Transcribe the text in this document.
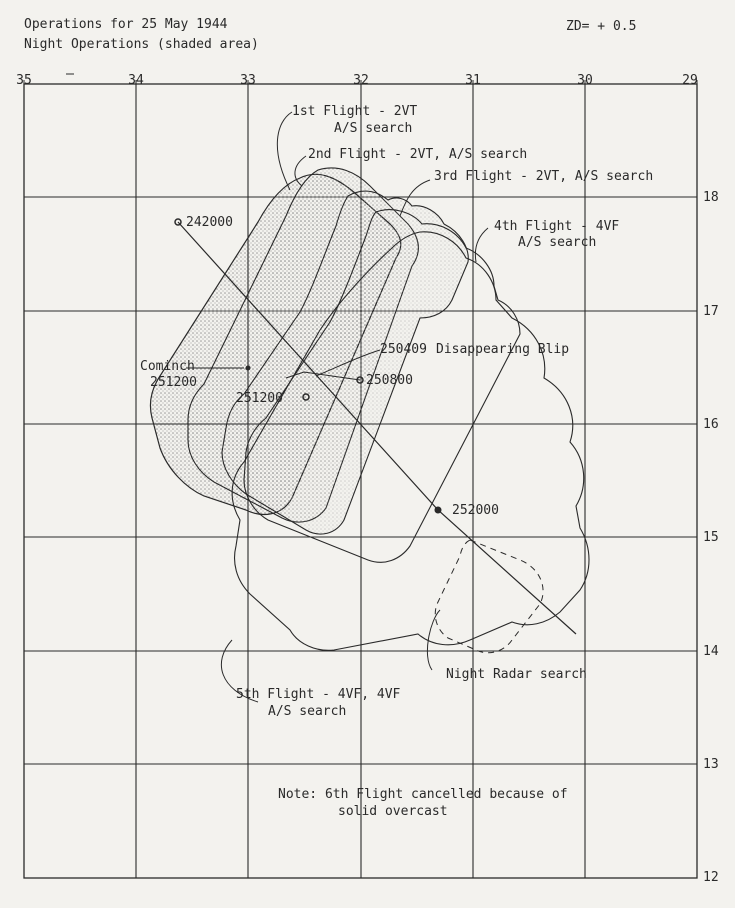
Operations for 25 May 1944
Night Operations (shaded area)
ZD= + 0.5
35	34	33	32	31	30	29
18
17
16
15
14
13
12
242000
250409 Disappearing Blip
250800
251200
252000
Cominch
251200
1st Flight - 2VT
A/S search
2nd Flight - 2VT, A/S search
3rd Flight - 2VT, A/S search
4th Flight - 4VF
A/S search
5th Flight - 4VF, 4VF
A/S search
Night Radar search
Note: 6th Flight cancelled because of
solid overcast
